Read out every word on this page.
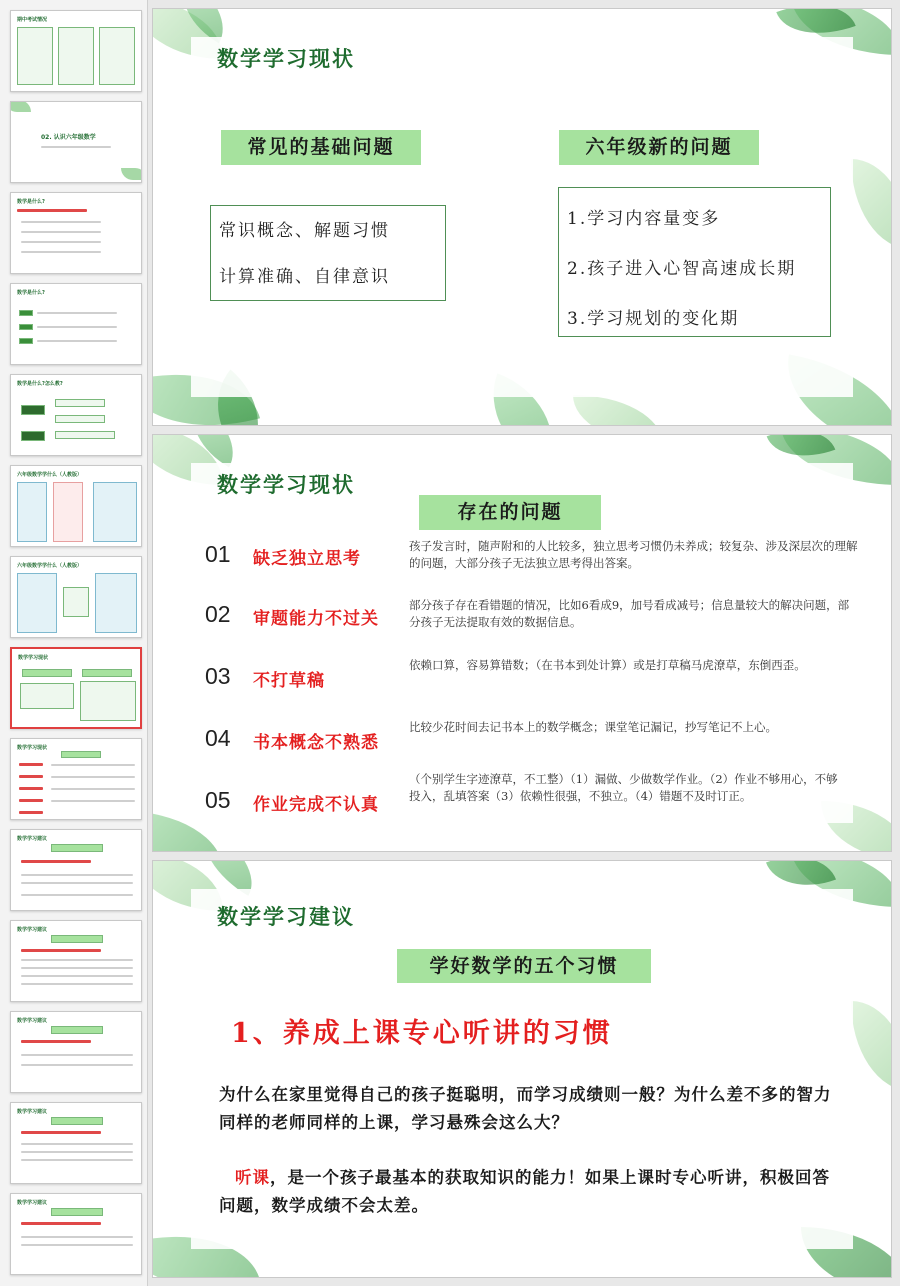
期中考试情况
02. 认识六年级数学
数学是什么?
数学是什么?
数学是什么?怎么教?
六年级数学学什么（人教版）
六年级数学学什么（人教版）
数学学习现状
数学学习现状
数学学习建议
数学学习建议
数学学习建议
数学学习建议
数学学习建议
数学学习现状
常见的基础问题	六年级新的问题

常识概念、解题习惯

计算准确、自律意识

1.学习内容量变多

2.孩子进入心智高速成长期

3.学习规划的变化期

数学学习现状
存在的问题
01 缺乏独立思考

孩子发言时，随声附和的人比较多，独立思考习惯仍未养成；较复杂、涉及深层次的理解的问题，大部分孩子无法独立思考得出答案。

02 审题能力不过关

部分孩子存在看错题的情况，比如6看成9，加号看成减号；信息量较大的解决问题，部分孩子无法提取有效的数据信息。

03 不打草稿

依赖口算，容易算错数；（在书本到处计算）或是打草稿马虎潦草，东倒西歪。

04 书本概念不熟悉

比较少花时间去记书本上的数学概念；课堂笔记漏记，抄写笔记不上心。

05 作业完成不认真

（个别学生字迹潦草，不工整）（1）漏做、少做数学作业。（2）作业不够用心，不够投入，乱填答案（3）依赖性很强，不独立。（4）错题不及时订正。

数学学习建议
学好数学的五个习惯
1、养成上课专心听讲的习惯

为什么在家里觉得自己的孩子挺聪明，而学习成绩则一般？为什么差不多的智力同样的老师同样的上课，学习悬殊会这么大？

听课，是一个孩子最基本的获取知识的能力！如果上课时专心听讲，积极回答问题，数学成绩不会太差。
